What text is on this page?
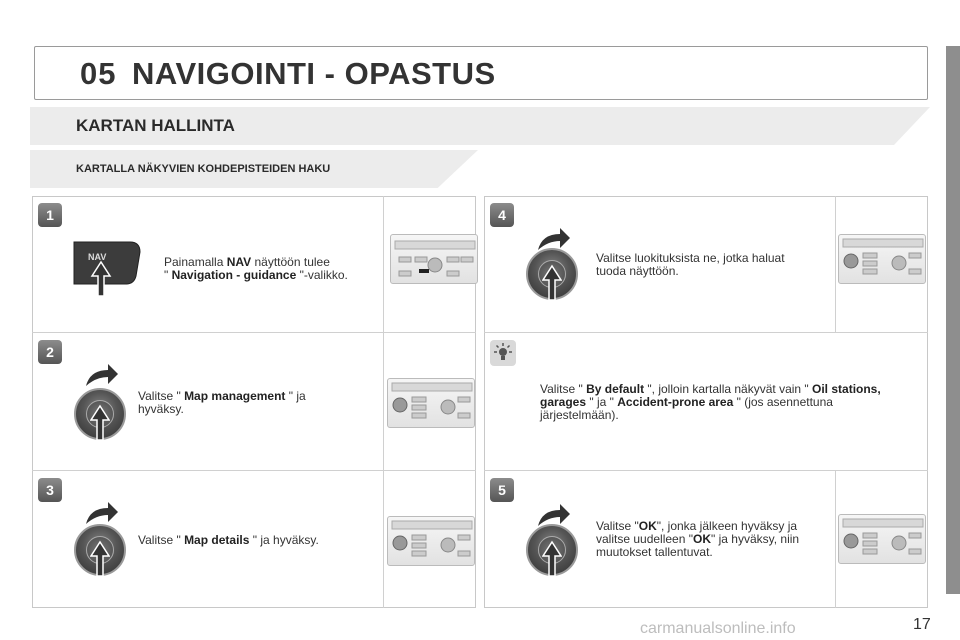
05 NAVIGOINTI - OPASTUS
KARTAN HALLINTA
KARTALLA NÄKYVIEN KOHDEPISTEIDEN HAKU
1
NAV	Painamalla NAV näyttöön tulee
" Navigation - guidance "-valikko.
2
Valitse " Map management " ja
hyväksy.
3
Valitse " Map details " ja hyväksy.
4
Valitse luokituksista ne, jotka haluat
tuoda näyttöön.
Valitse " By default ", jolloin kartalla näkyvät vain " Oil stations,
garages " ja " Accident-prone area " (jos asennettuna
järjestelmään).
5
Valitse "OK", jonka jälkeen hyväksy ja
valitse uudelleen "OK" ja hyväksy, niin
muutokset tallentuvat.
carmanualsonline.info	17
